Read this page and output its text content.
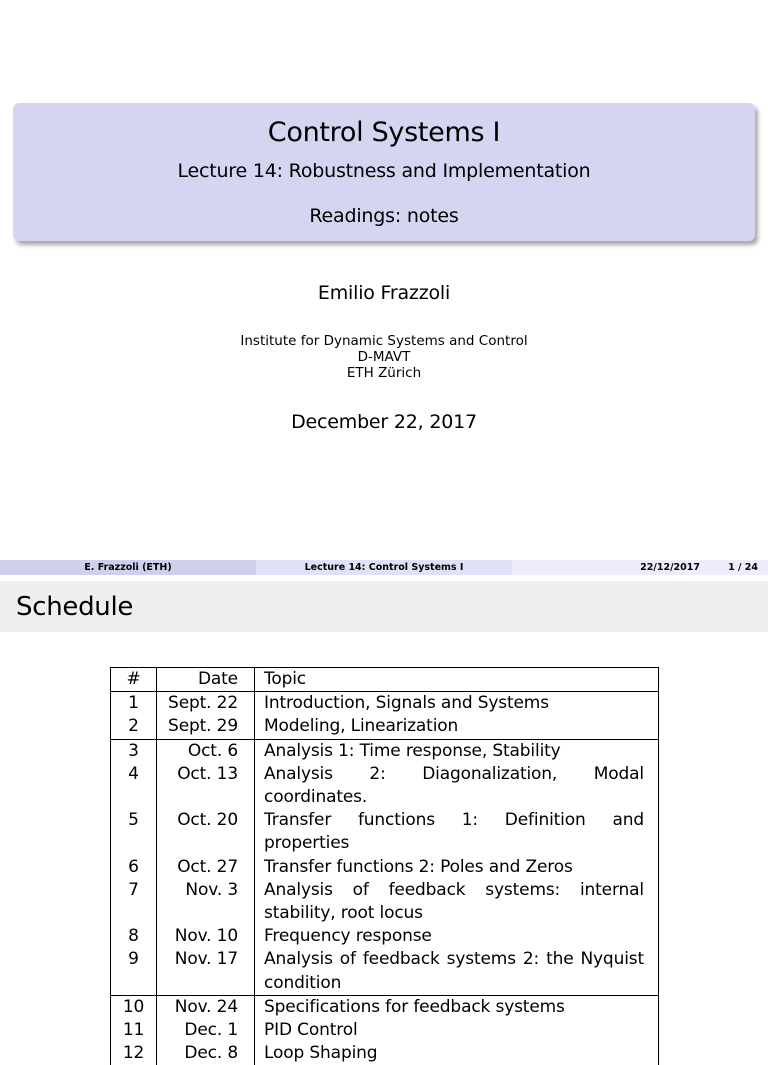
Control Systems I
Lecture 14: Robustness and Implementation
Readings: notes
Emilio Frazzoli
Institute for Dynamic Systems and Control
D-MAVT
ETH Zürich
December 22, 2017
E. Frazzoli (ETH)	Lecture 14: Control Systems I	22/12/2017	1 / 24
Schedule
#	Date	Topic
1	Sept. 22	Introduction, Signals and Systems
2	Sept. 29	Modeling, Linearization
3	Oct. 6	Analysis 1: Time response, Stability
4	Oct. 13	Analysis 2: Diagonalization, Modal coordinates.
5	Oct. 20	Transfer functions 1: Definition and properties
6	Oct. 27	Transfer functions 2: Poles and Zeros
7	Nov. 3	Analysis of feedback systems: internal stability, root locus
8	Nov. 10	Frequency response
9	Nov. 17	Analysis of feedback systems 2: the Nyquist condition
10	Nov. 24	Specifications for feedback systems
11	Dec. 1	PID Control
12	Dec. 8	Loop Shaping
